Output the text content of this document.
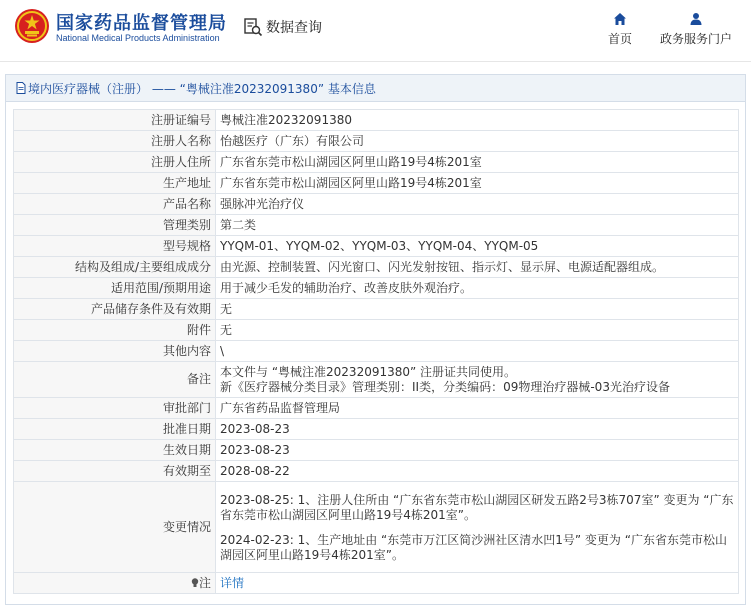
国家药品监督管理局
National Medical Products Administration
数据查询
首页	政务服务门户
境内医疗器械（注册） —— “粤械注准20232091380” 基本信息
注册证编号	粤械注准20232091380
注册人名称	怡越医疗（广东）有限公司
注册人住所	广东省东莞市松山湖园区阿里山路19号4栋201室
生产地址	广东省东莞市松山湖园区阿里山路19号4栋201室
产品名称	强脉冲光治疗仪
管理类别	第二类
型号规格	YYQM-01、YYQM-02、YYQM-03、YYQM-04、YYQM-05
结构及组成/主要组成成分	由光源、控制装置、闪光窗口、闪光发射按钮、指示灯、显示屏、电源适配器组成。
适用范围/预期用途	用于减少毛发的辅助治疗、改善皮肤外观治疗。
产品储存条件及有效期	无
附件	无
其他内容	\
备注	本文件与 “粤械注准20232091380” 注册证共同使用。
新《医疗器械分类目录》管理类别：II类，分类编码：09物理治疗器械-03光治疗设备

审批部门	广东省药品监督管理局
批准日期	2023-08-23
生效日期	2023-08-23
有效期至	2028-08-22
变更情况	2023-08-25: 1、注册人住所由 “广东省东莞市松山湖园区研发五路2号3栋707室” 变更为 “广东省东莞市松山湖园区阿里山路19号4栋201室”。
2024-02-23: 1、生产地址由 “东莞市万江区简沙洲社区清水凹1号” 变更为 “广东省东莞市松山湖园区阿里山路19号4栋201室”。

注	详情
